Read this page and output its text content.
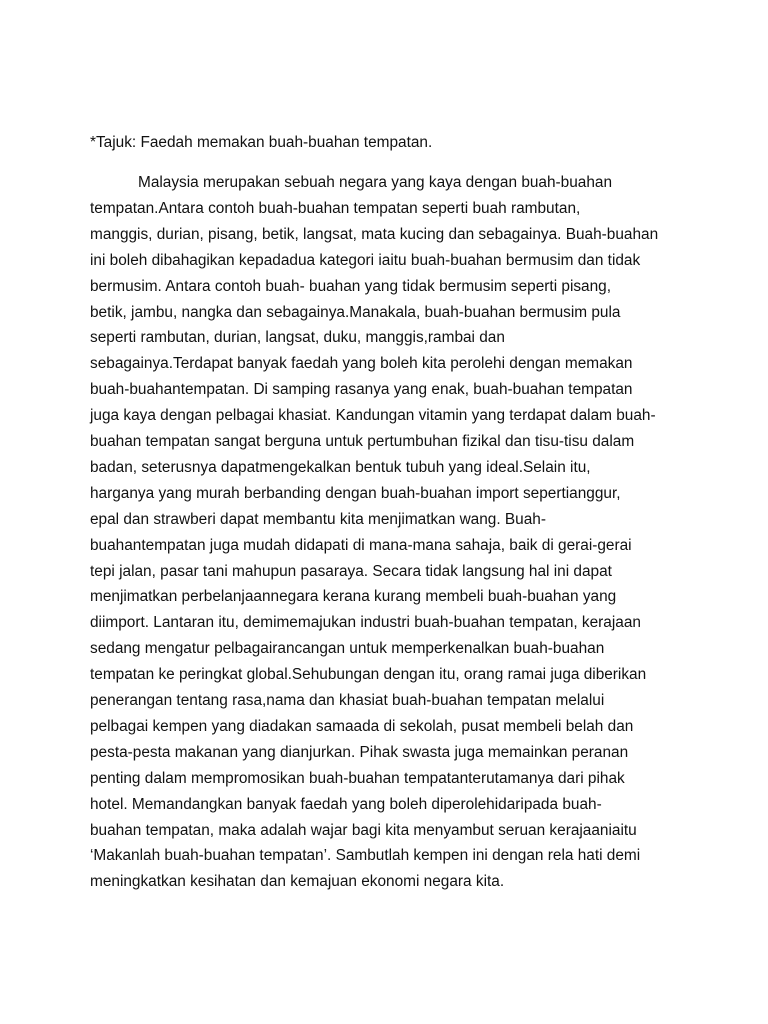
*Tajuk: Faedah memakan buah-buahan tempatan.

Malaysia merupakan sebuah negara yang kaya dengan buah-buahan

tempatan.Antara contoh buah-buahan tempatan seperti buah rambutan,

manggis, durian, pisang, betik, langsat, mata kucing dan sebagainya. Buah-buahan

ini boleh dibahagikan kepadadua kategori iaitu buah-buahan bermusim dan tidak

bermusim. Antara contoh buah- buahan yang tidak bermusim seperti pisang,

betik, jambu, nangka dan sebagainya.Manakala, buah-buahan bermusim pula

seperti rambutan, durian, langsat, duku, manggis,rambai dan

sebagainya.Terdapat banyak faedah yang boleh kita perolehi dengan memakan

buah-buahantempatan. Di samping rasanya yang enak, buah-buahan tempatan

juga kaya dengan pelbagai khasiat. Kandungan vitamin yang terdapat dalam buah-

buahan tempatan sangat berguna untuk pertumbuhan fizikal dan tisu-tisu dalam

badan, seterusnya dapatmengekalkan bentuk tubuh yang ideal.Selain itu,

harganya yang murah berbanding dengan buah-buahan import sepertianggur,

epal dan strawberi dapat membantu kita menjimatkan wang. Buah-

buahantempatan juga mudah didapati di mana-mana sahaja, baik di gerai-gerai

tepi jalan, pasar tani mahupun pasaraya. Secara tidak langsung hal ini dapat

menjimatkan perbelanjaannegara kerana kurang membeli buah-buahan yang

diimport. Lantaran itu, demimemajukan industri buah-buahan tempatan, kerajaan

sedang mengatur pelbagairancangan untuk memperkenalkan buah-buahan

tempatan ke peringkat global.Sehubungan dengan itu, orang ramai juga diberikan

penerangan tentang rasa,nama dan khasiat buah-buahan tempatan melalui

pelbagai kempen yang diadakan samaada di sekolah, pusat membeli belah dan

pesta-pesta makanan yang dianjurkan. Pihak swasta juga memainkan peranan

penting dalam mempromosikan buah-buahan tempatanterutamanya dari pihak

hotel. Memandangkan banyak faedah yang boleh diperolehidaripada buah-

buahan tempatan, maka adalah wajar bagi kita menyambut seruan kerajaaniaitu

‘Makanlah buah-buahan tempatan’. Sambutlah kempen ini dengan rela hati demi

meningkatkan kesihatan dan kemajuan ekonomi negara kita.
